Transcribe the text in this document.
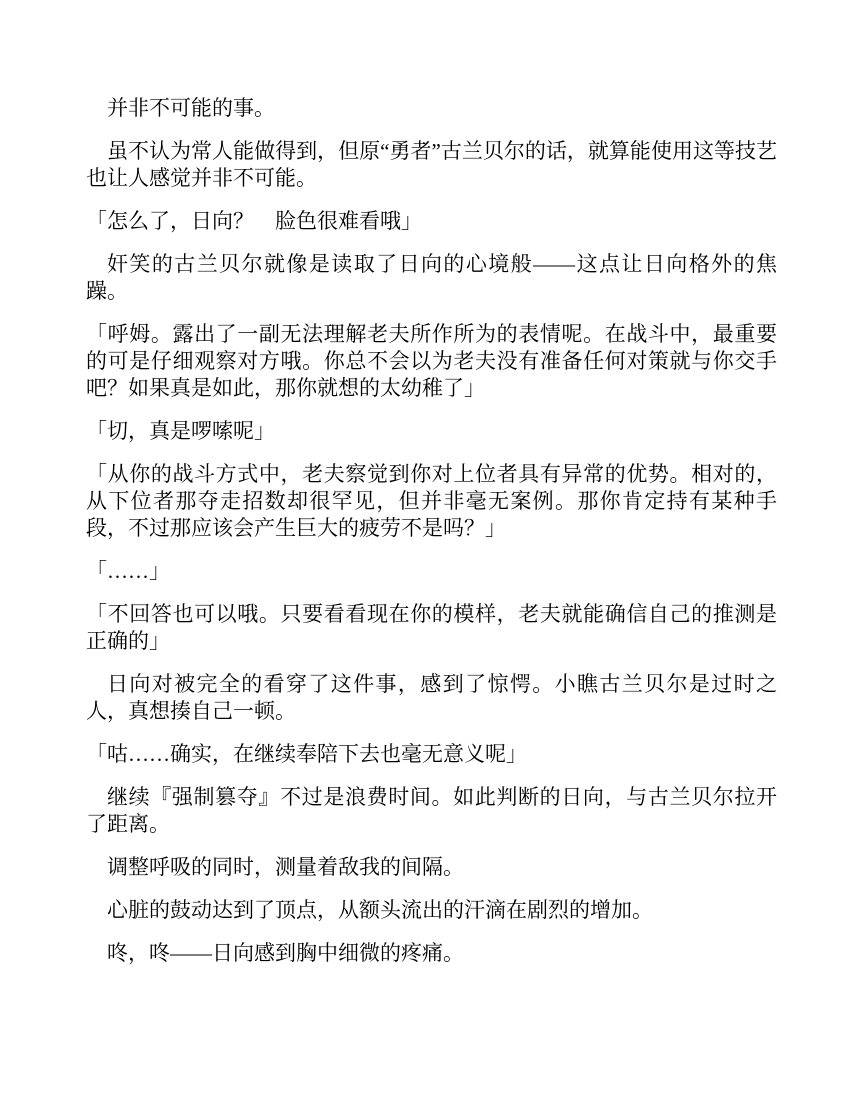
并非不可能的事。

虽不认为常人能做得到，但原“勇者”古兰贝尔的话，就算能使用这等技艺也让人感觉并非不可能。

「怎么了，日向？　脸色很难看哦」

奸笑的古兰贝尔就像是读取了日向的心境般——这点让日向格外的焦躁。

「呼姆。露出了一副无法理解老夫所作所为的表情呢。在战斗中，最重要的可是仔细观察对方哦。你总不会以为老夫没有准备任何对策就与你交手吧？如果真是如此，那你就想的太幼稚了」

「切，真是啰嗦呢」

「从你的战斗方式中，老夫察觉到你对上位者具有异常的优势。相对的，从下位者那夺走招数却很罕见，但并非毫无案例。那你肯定持有某种手段，不过那应该会产生巨大的疲劳不是吗？」

「……」

「不回答也可以哦。只要看看现在你的模样，老夫就能确信自己的推测是正确的」

日向对被完全的看穿了这件事，感到了惊愕。小瞧古兰贝尔是过时之人，真想揍自己一顿。

「咕……确实，在继续奉陪下去也毫无意义呢」

继续『强制篡夺』不过是浪费时间。如此判断的日向，与古兰贝尔拉开了距离。

调整呼吸的同时，测量着敌我的间隔。

心脏的鼓动达到了顶点，从额头流出的汗滴在剧烈的增加。

咚，咚——日向感到胸中细微的疼痛。
